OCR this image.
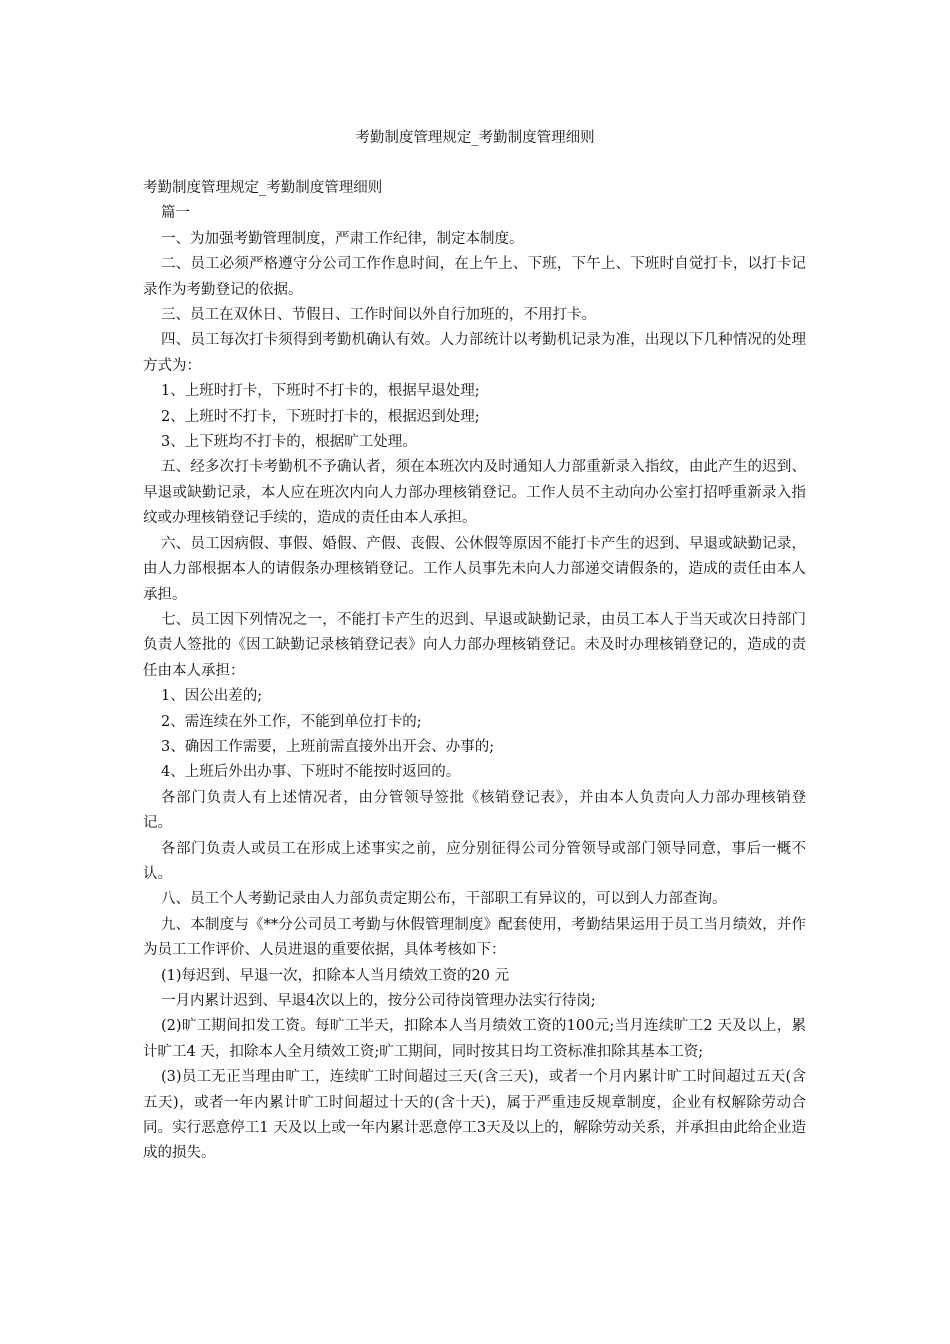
考勤制度管理规定_考勤制度管理细则

考勤制度管理规定_考勤制度管理细则

篇一

一、为加强考勤管理制度，严肃工作纪律，制定本制度。

二、员工必须严格遵守分公司工作作息时间，在上午上、下班，下午上、下班时自觉打卡，以打卡记录作为考勤登记的依据。

三、员工在双休日、节假日、工作时间以外自行加班的，不用打卡。

四、员工每次打卡须得到考勤机确认有效。人力部统计以考勤机记录为准，出现以下几种情况的处理方式为：

1、上班时打卡，下班时不打卡的，根据早退处理;

2、上班时不打卡，下班时打卡的，根据迟到处理;

3、上下班均不打卡的，根据旷工处理。

五、经多次打卡考勤机不予确认者，须在本班次内及时通知人力部重新录入指纹，由此产生的迟到、早退或缺勤记录，本人应在班次内向人力部办理核销登记。工作人员不主动向办公室打招呼重新录入指纹或办理核销登记手续的，造成的责任由本人承担。

六、员工因病假、事假、婚假、产假、丧假、公休假等原因不能打卡产生的迟到、早退或缺勤记录，由人力部根据本人的请假条办理核销登记。工作人员事先未向人力部递交请假条的，造成的责任由本人承担。

七、员工因下列情况之一，不能打卡产生的迟到、早退或缺勤记录，由员工本人于当天或次日持部门负责人签批的《因工缺勤记录核销登记表》向人力部办理核销登记。未及时办理核销登记的，造成的责任由本人承担：

1、因公出差的;

2、需连续在外工作，不能到单位打卡的;

3、确因工作需要，上班前需直接外出开会、办事的;

4、上班后外出办事、下班时不能按时返回的。

各部门负责人有上述情况者，由分管领导签批《核销登记表》，并由本人负责向人力部办理核销登记。

各部门负责人或员工在形成上述事实之前，应分别征得公司分管领导或部门领导同意，事后一概不认。

八、员工个人考勤记录由人力部负责定期公布，干部职工有异议的，可以到人力部查询。

九、本制度与《**分公司员工考勤与休假管理制度》配套使用，考勤结果运用于员工当月绩效，并作为员工工作评价、人员进退的重要依据，具体考核如下：

(1)每迟到、早退一次，扣除本人当月绩效工资的20 元

一月内累计迟到、早退4次以上的，按分公司待岗管理办法实行待岗;

(2)旷工期间扣发工资。每旷工半天，扣除本人当月绩效工资的100元;当月连续旷工2 天及以上，累计旷工4 天，扣除本人全月绩效工资;旷工期间，同时按其日均工资标准扣除其基本工资;

(3)员工无正当理由旷工，连续旷工时间超过三天(含三天)，或者一个月内累计旷工时间超过五天(含五天)，或者一年内累计旷工时间超过十天的(含十天)，属于严重违反规章制度，企业有权解除劳动合同。实行恶意停工1 天及以上或一年内累计恶意停工3天及以上的，解除劳动关系，并承担由此给企业造成的损失。
